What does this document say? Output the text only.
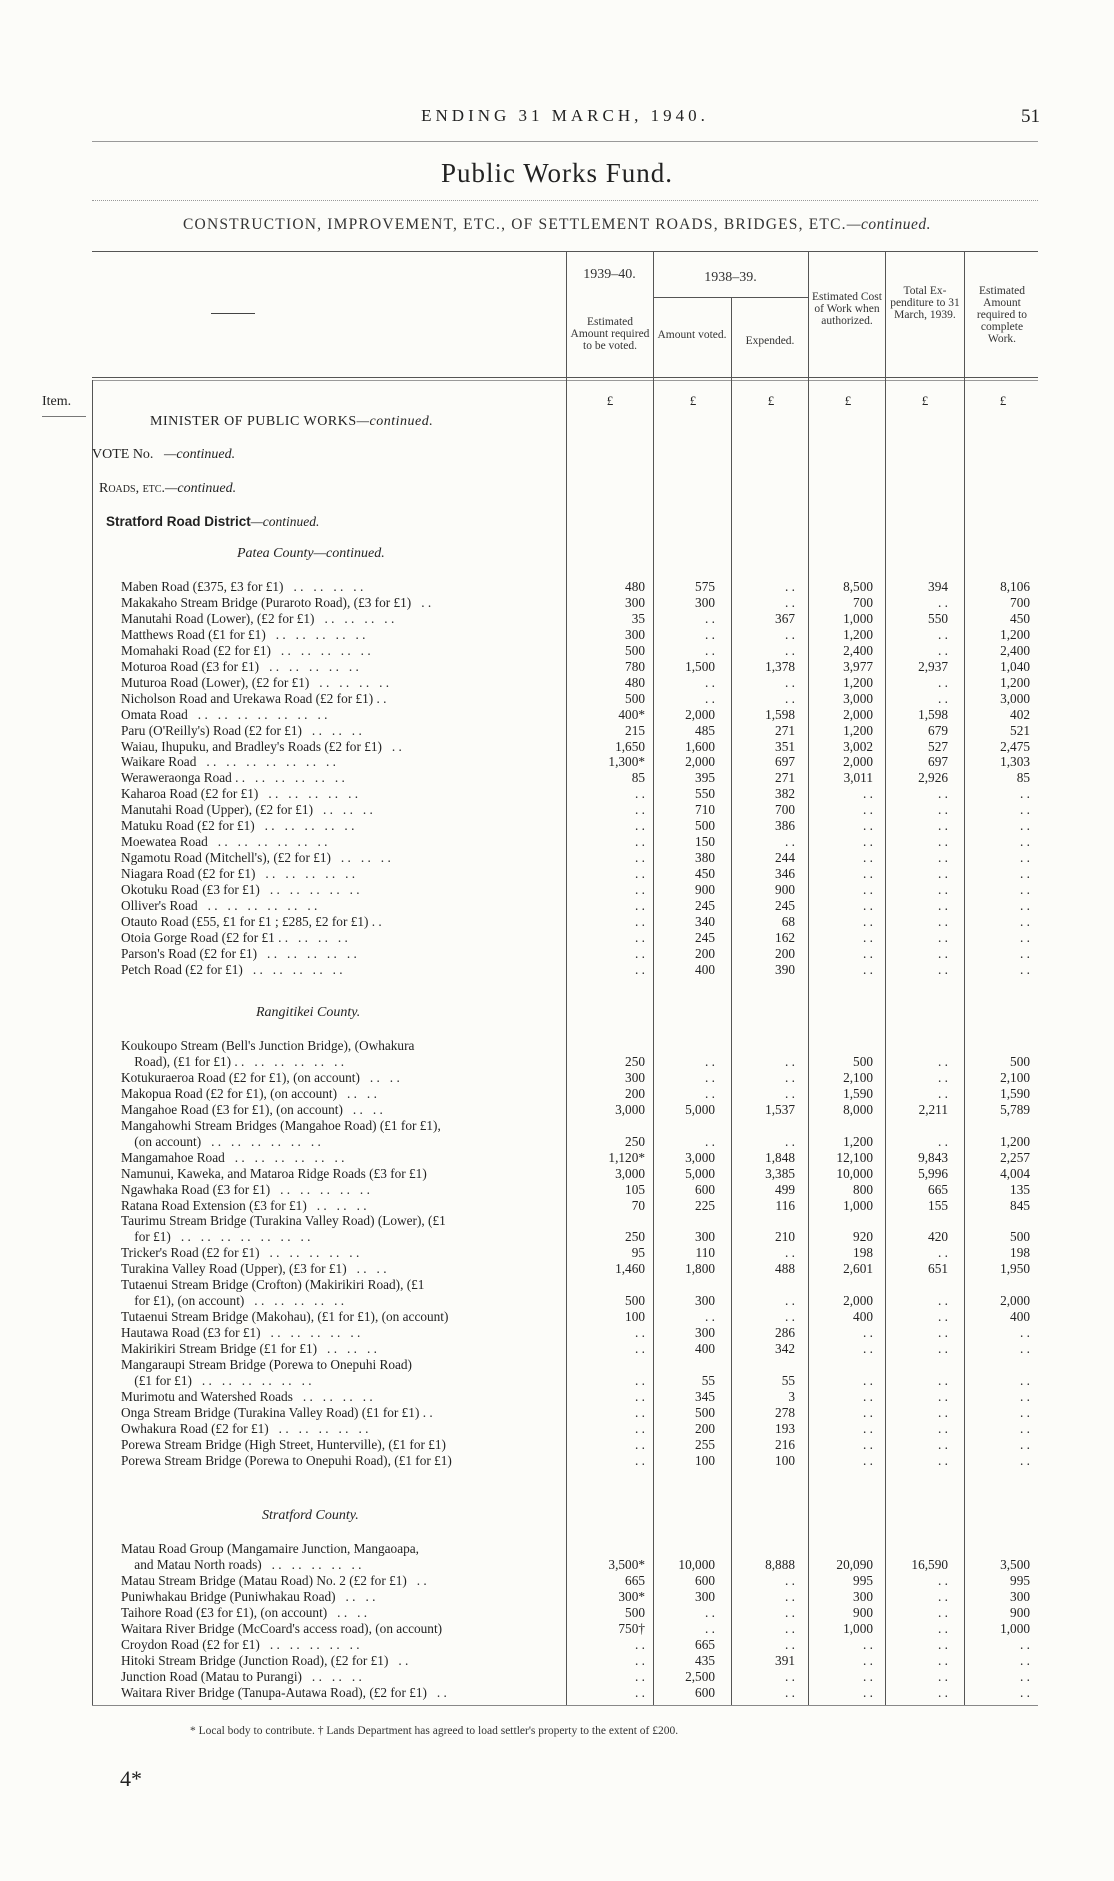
ENDING 31 MARCH, 1940.	51
Public Works Fund.
CONSTRUCTION, IMPROVEMENT, ETC., OF SETTLEMENT ROADS, BRIDGES, ETC.—continued.
1939–40.	1938–39.
Estimated Amount required to be voted.
Amount voted.	Expended.
Estimated Cost of Work when authorized.
Total Ex- penditure to 31 March, 1939.
Estimated Amount required to complete Work.
Item.	£	£	£	£	£	£
MINISTER OF PUBLIC WORKS—continued.
VOTE No. —continued.
Roads, etc.—continued.
Stratford Road District—continued.
Patea County—continued.
Maben Road (£375, £3 for £1)   . .   . .   . .   . .	480	575	. .	8,500	394	8,106
Makakaho Stream Bridge (Puraroto Road), (£3 for £1)   . .	300	300	. .	700	. .	700
Manutahi Road (Lower), (£2 for £1)   . .   . .   . .   . .	35	. .	367	1,000	550	450
Matthews Road (£1 for £1)   . .   . .   . .   . .   . .	300	. .	. .	1,200	. .	1,200
Momahaki Road (£2 for £1)   . .   . .   . .   . .   . .	500	. .	. .	2,400	. .	2,400
Moturoa Road (£3 for £1)   . .   . .   . .   . .   . .	780	1,500	1,378	3,977	2,937	1,040
Muturoa Road (Lower), (£2 for £1)   . .   . .   . .   . .	480	. .	. .	1,200	. .	1,200
Nicholson Road and Urekawa Road (£2 for £1) . .	500	. .	. .	3,000	. .	3,000
Omata Road   . .   . .   . .   . .   . .   . .   . .	400*	2,000	1,598	2,000	1,598	402
Paru (O'Reilly's) Road (£2 for £1)   . .   . .   . .	215	485	271	1,200	679	521
Waiau, Ihupuku, and Bradley's Roads (£2 for £1)   . .	1,650	1,600	351	3,002	527	2,475
Waikare Road   . .   . .   . .   . .   . .   . .   . .	1,300*	2,000	697	2,000	697	1,303
Weraweraonga Road . .   . .   . .   . .   . .   . .	85	395	271	3,011	2,926	85
Kaharoa Road (£2 for £1)   . .   . .   . .   . .   . .	. .	550	382	. .	. .	. .
Manutahi Road (Upper), (£2 for £1)   . .   . .   . .	. .	710	700	. .	. .	. .
Matuku Road (£2 for £1)   . .   . .   . .   . .   . .	. .	500	386	. .	. .	. .
Moewatea Road   . .   . .   . .   . .   . .   . .	. .	150	. .	. .	. .	. .
Ngamotu Road (Mitchell's), (£2 for £1)   . .   . .   . .	. .	380	244	. .	. .	. .
Niagara Road (£2 for £1)   . .   . .   . .   . .   . .	. .	450	346	. .	. .	. .
Okotuku Road (£3 for £1)   . .   . .   . .   . .   . .	. .	900	900	. .	. .	. .
Olliver's Road   . .   . .   . .   . .   . .   . .	. .	245	245	. .	. .	. .
Otauto Road (£55, £1 for £1 ; £285, £2 for £1) . .	. .	340	68	. .	. .	. .
Otoia Gorge Road (£2 for £1 . .   . .   . .   . .	. .	245	162	. .	. .	. .
Parson's Road (£2 for £1)   . .   . .   . .   . .   . .	. .	200	200	. .	. .	. .
Petch Road (£2 for £1)   . .   . .   . .   . .   . .	. .	400	390	. .	. .	. .
Rangitikei County.
Koukoupo Stream (Bell's Junction Bridge), (Owhakura
Road), (£1 for £1) . .   . .   . .   . .   . .   . .	250	. .	. .	500	. .	500
Kotukuraeroa Road (£2 for £1), (on account)   . .   . .	300	. .	. .	2,100	. .	2,100
Makopua Road (£2 for £1), (on account)   . .   . .	200	. .	. .	1,590	. .	1,590
Mangahoe Road (£3 for £1), (on account)   . .   . .	3,000	5,000	1,537	8,000	2,211	5,789
Mangahowhi Stream Bridges (Mangahoe Road) (£1 for £1),
(on account)   . .   . .   . .   . .   . .   . .	250	. .	. .	1,200	. .	1,200
Mangamahoe Road   . .   . .   . .   . .   . .   . .	1,120*	3,000	1,848	12,100	9,843	2,257
Namunui, Kaweka, and Mataroa Ridge Roads (£3 for £1)	3,000	5,000	3,385	10,000	5,996	4,004
Ngawhaka Road (£3 for £1)   . .   . .   . .   . .   . .	105	600	499	800	665	135
Ratana Road Extension (£3 for £1)   . .   . .   . .	70	225	116	1,000	155	845
Taurimu Stream Bridge (Turakina Valley Road) (Lower), (£1
for £1)   . .   . .   . .   . .   . .   . .   . .	250	300	210	920	420	500
Tricker's Road (£2 for £1)   . .   . .   . .   . .   . .	95	110	. .	198	. .	198
Turakina Valley Road (Upper), (£3 for £1)   . .   . .	1,460	1,800	488	2,601	651	1,950
Tutaenui Stream Bridge (Crofton) (Makirikiri Road), (£1
for £1), (on account)   . .   . .   . .   . .   . .	500	300	. .	2,000	. .	2,000
Tutaenui Stream Bridge (Makohau), (£1 for £1), (on account)	100	. .	. .	400	. .	400
Hautawa Road (£3 for £1)   . .   . .   . .   . .   . .	. .	300	286	. .	. .	. .
Makirikiri Stream Bridge (£1 for £1)   . .   . .   . .	. .	400	342	. .	. .	. .
Mangaraupi Stream Bridge (Porewa to Onepuhi Road)
(£1 for £1)   . .   . .   . .   . .   . .   . .	. .	55	55	. .	. .	. .
Murimotu and Watershed Roads   . .   . .   . .   . .	. .	345	3	. .	. .	. .
Onga Stream Bridge (Turakina Valley Road) (£1 for £1) . .	. .	500	278	. .	. .	. .
Owhakura Road (£2 for £1)   . .   . .   . .   . .   . .	. .	200	193	. .	. .	. .
Porewa Stream Bridge (High Street, Hunterville), (£1 for £1)	. .	255	216	. .	. .	. .
Porewa Stream Bridge (Porewa to Onepuhi Road), (£1 for £1)	. .	100	100	. .	. .	. .
Stratford County.
Matau Road Group (Mangamaire Junction, Mangaoapa,
and Matau North roads)   . .   . .   . .   . .   . .	3,500*	10,000	8,888	20,090	16,590	3,500
Matau Stream Bridge (Matau Road) No. 2 (£2 for £1)   . .	665	600	. .	995	. .	995
Puniwhakau Bridge (Puniwhakau Road)   . .   . .	300*	300	. .	300	. .	300
Taihore Road (£3 for £1), (on account)   . .   . .	500	. .	. .	900	. .	900
Waitara River Bridge (McCoard's access road), (on account)	750†	. .	. .	1,000	. .	1,000
Croydon Road (£2 for £1)   . .   . .   . .   . .   . .	. .	665	. .	. .	. .	. .
Hitoki Stream Bridge (Junction Road), (£2 for £1)   . .	. .	435	391	. .	. .	. .
Junction Road (Matau to Purangi)   . .   . .   . .	. .	2,500	. .	. .	. .	. .
Waitara River Bridge (Tanupa-Autawa Road), (£2 for £1)   . .	. .	600	. .	. .	. .	. .
* Local body to contribute. † Lands Department has agreed to load settler's property to the extent of £200.
4*
